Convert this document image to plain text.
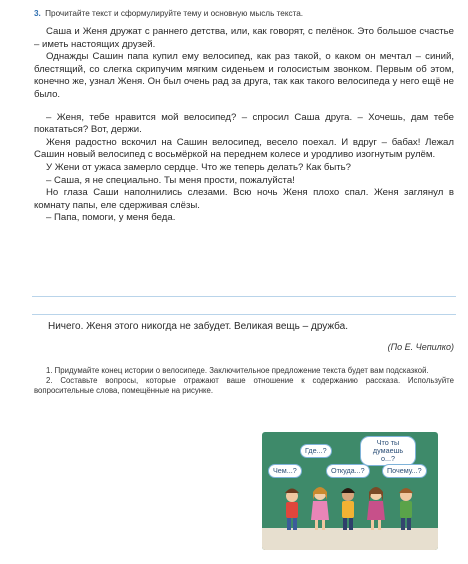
3. Прочитайте текст и сформулируйте тему и основную мысль текста.

Саша и Женя дружат с раннего детства, или, как говорят, с пелёнок. Это большое счастье – иметь настоящих друзей.

Однажды Сашин папа купил ему велосипед, как раз такой, о каком он мечтал – синий, блестящий, со слегка скрипучим мягким сиденьем и голосистым звонком. Первым об этом, конечно же, узнал Женя. Он был очень рад за друга, так как такого велосипеда у него ещё не было.

– Женя, тебе нравится мой велосипед? – спросил Саша друга. – Хочешь, дам тебе покататься? Вот, держи.

Женя радостно вскочил на Сашин велосипед, весело поехал. И вдруг – бабах! Лежал Сашин новый велосипед с восьмёркой на переднем колесе и уродливо изогнутым рулём.

У Жени от ужаса замерло сердце. Что же теперь делать? Как быть?

– Саша, я не специально. Ты меня прости, пожалуйста!

Но глаза Саши наполнились слезами. Всю ночь Женя плохо спал. Женя заглянул в комнату папы, еле сдерживая слёзы.

– Папа, помоги, у меня беда.

Ничего. Женя этого никогда не забудет. Великая вещь – дружба.
(По Е. Чепилко)

1. Придумайте конец истории о велосипеде. Заключительное предложение текста будет вам подсказкой.

2. Составьте вопросы, которые отражают ваше отношение к содержанию рассказа. Используйте вопросительные слова, помещённые на рисунке.

Где...?
Что ты думаешь о...?
Чем...?	Откуда...?	Почему...?
